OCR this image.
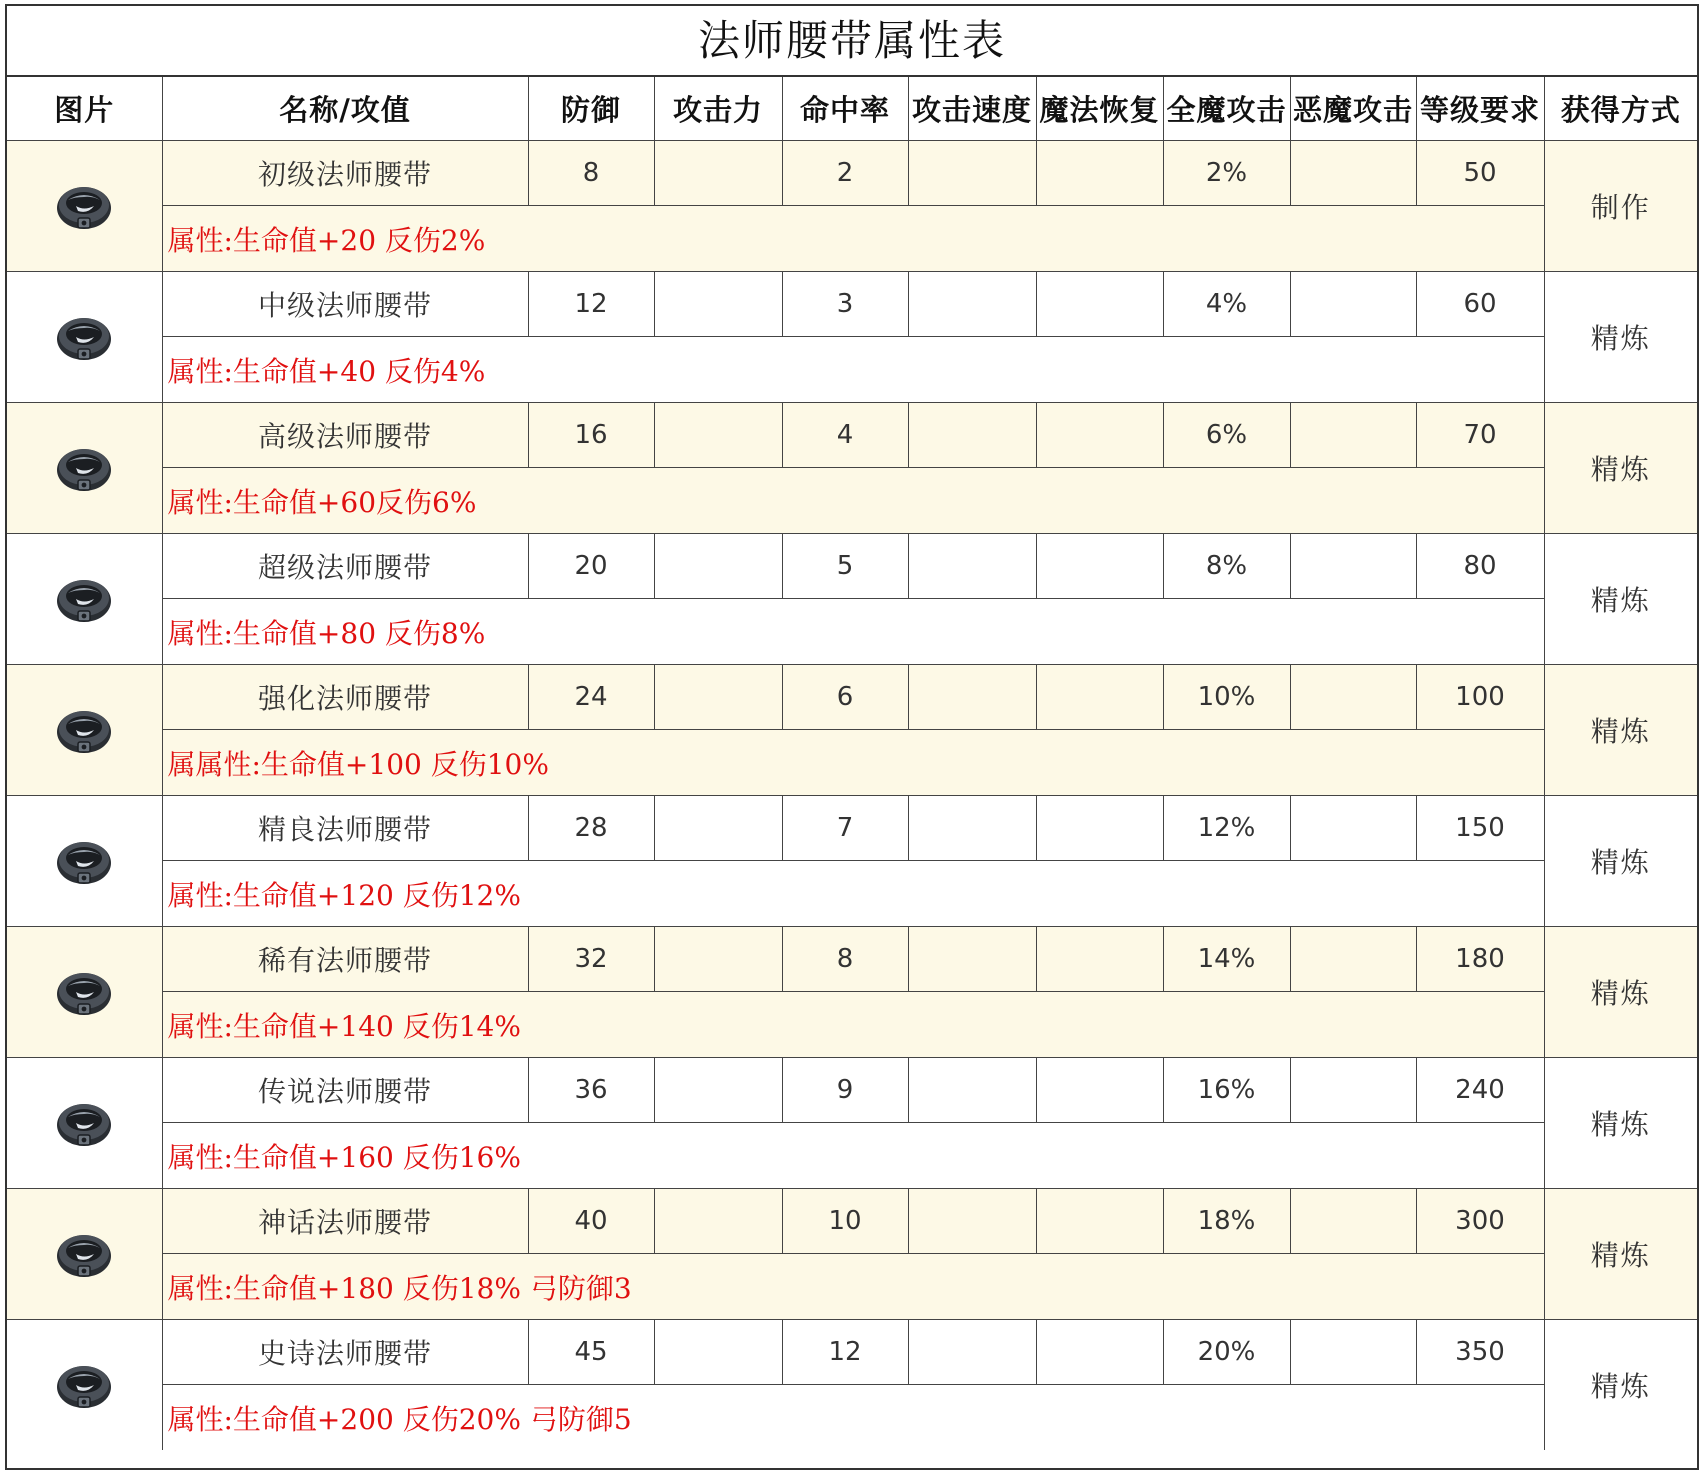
法师腰带属性表
图片	名称/攻值	防御	攻击力	命中率	攻击速度	魔法恢复	全魔攻击	恶魔攻击	等级要求	获得方式

	初级法师腰带	8		2			2%		50	制作
	属性:生命值+20 反伤2%									

	中级法师腰带	12		3			4%		60	精炼
	属性:生命值+40 反伤4%									

	高级法师腰带	16		4			6%		70	精炼
	属性:生命值+60反伤6%									

	超级法师腰带	20		5			8%		80	精炼
	属性:生命值+80 反伤8%									

	强化法师腰带	24		6			10%		100	精炼
	属属性:生命值+100 反伤10%									

	精良法师腰带	28		7			12%		150	精炼
	属性:生命值+120 反伤12%									

	稀有法师腰带	32		8			14%		180	精炼
	属性:生命值+140 反伤14%									

	传说法师腰带	36		9			16%		240	精炼
	属性:生命值+160 反伤16%									

	神话法师腰带	40		10			18%		300	精炼
	属性:生命值+180 反伤18% 弓防御3									

	史诗法师腰带	45		12			20%		350	精炼
	属性:生命值+200 反伤20% 弓防御5									
